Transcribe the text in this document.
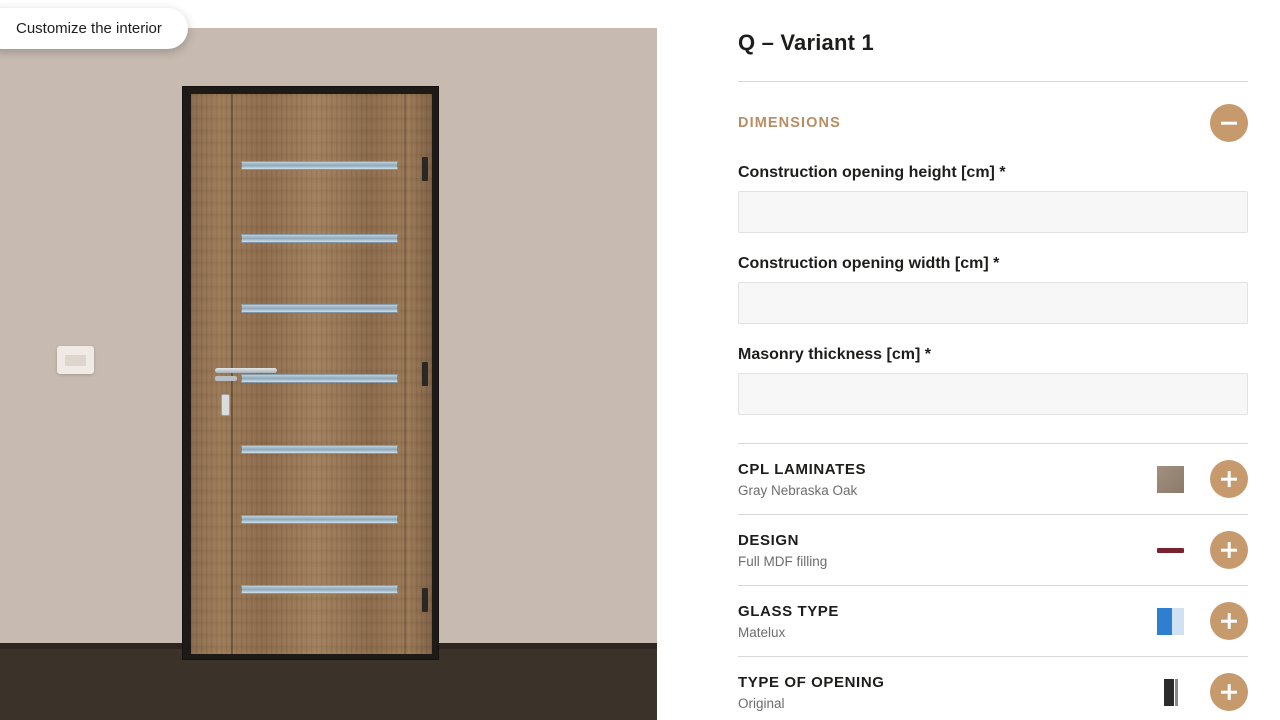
Customize the interior
Q – Variant 1
DIMENSIONS
Construction opening height [cm] *
Construction opening width [cm] *
Masonry thickness [cm] *
CPL LAMINATES
Gray Nebraska Oak
DESIGN
Full MDF filling
GLASS TYPE
Matelux
TYPE OF OPENING
Original
